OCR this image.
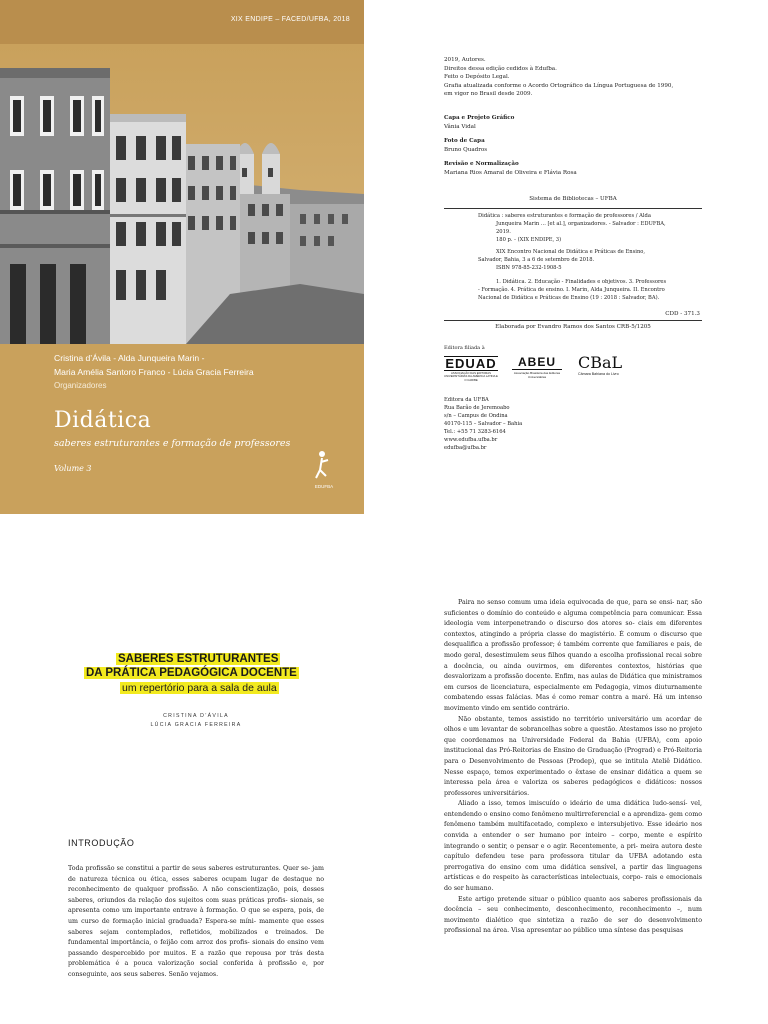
XIX ENDIPE – FACED/UFBA, 2018
Cristina d’Ávila - Alda Junqueira Marin -
Maria Amélia Santoro Franco - Lúcia Gracia Ferreira
Organizadores
Didática
saberes estruturantes e formação de professores
Volume 3
EDUFBA
2019, Autores.
Direitos dessa edição cedidos à Edufba.
Feito o Depósito Legal.
Grafia atualizada conforme o Acordo Ortográfico da Língua Portuguesa de 1990,
em vigor no Brasil desde 2009.
Capa e Projeto Gráfico
Vânia Vidal
Foto de Capa
Bruno Quadros
Revisão e Normalização
Mariana Rios Amaral de Oliveira e Flávia Rosa
Sistema de Bibliotecas – UFBA
Didática : saberes estruturantes e formação de professores / Alda
Junqueira Marin ... [et al.], organizadores. - Salvador : EDUFBA,
2019.
180 p. - (XIX ENDIPE, 3)
XIX Encontro Nacional de Didática e Práticas de Ensino,
Salvador, Bahia, 3 a 6 de setembro de 2018.
ISBN 978-85-232-1908-5
1. Didática. 2. Educação - Finalidades e objetivos. 3. Professores
- Formação. 4. Prática de ensino. I. Marin, Alda Junqueira. II. Encontro
Nacional de Didática e Práticas de Ensino (19 : 2018 : Salvador, BA).
CDD - 371.3
Elaborada por Evandro Ramos dos Santos CRB-5/1205
Editora filiada à
EDUAD
ASSOCIAÇÃO DAS EDITORAS UNIVERSITÁRIAS DA AMÉRICA LATINA E O CARIBE
ABEU
Associação Brasileira das Editoras Universitárias
CBaL
Câmara Bahiana do Livro
Editora da UFBA
Rua Barão de Jeremoabo
s/n – Campus de Ondina
40170-115 – Salvador – Bahia
Tel.: +55 71 3283-6164
www.edufba.ufba.br
edufba@ufba.br
SABERES ESTRUTURANTES
DA PRÁTICA PEDAGÓGICA DOCENTE
um repertório para a sala de aula
CRISTINA D’ÁVILA
LÚCIA GRACIA FERREIRA
INTRODUÇÃO

Toda profissão se constitui a partir de seus saberes estruturantes. Quer se- jam de natureza técnica ou ética, esses saberes ocupam lugar de destaque no reconhecimento de qualquer profissão. A não conscientização, pois, desses saberes, oriundos da relação dos sujeitos com suas práticas profis- sionais, se apresenta como um importante entrave à formação. O que se espera, pois, de um curso de formação inicial graduada? Espera-se míni- mamente que esses saberes sejam contemplados, refletidos, mobilizados e treinados. De fundamental importância, o feijão com arroz dos profis- sionais do ensino vem passando despercebido por muitos. E a razão que repousa por trás desta problemática é a pouca valorização social conferida à profissão e, por conseguinte, aos seus saberes. Senão vejamos.

Paira no senso comum uma ideia equivocada de que, para se ensi- nar, são suficientes o domínio do conteúdo e alguma competência para comunicar. Essa ideologia vem interpenetrando o discurso dos atores so- ciais em diferentes contextos, atingindo a própria classe do magistério. É comum o discurso que desqualifica a profissão professor; é também corrente que familiares e pais, de modo geral, desestimulem seus filhos quando a escolha profissional recai sobre a docência, ou ainda ouvirmos, em diferentes contextos, histórias que desvalorizam a profissão docente. Enfim, nas aulas de Didática que ministramos em cursos de licenciatura, especialmente em Pedagogia, vimos diuturnamente combatendo essas falácias. Mas é como remar contra a maré. Há um intenso movimento vindo em sentido contrário.

Não obstante, temos assistido no território universitário um acordar de olhos e um levantar de sobrancelhas sobre a questão. Atestamos isso no projeto que coordenamos na Universidade Federal da Bahia (UFBA), com apoio institucional das Pró-Reitorias de Ensino de Graduação (Prograd) e Pró-Reitoria para o Desenvolvimento de Pessoas (Prodep), que se intitula Ateliê Didático. Nesse espaço, temos experimentado o êxtase de ensinar didática a quem se interessa pela área e valoriza os saberes pedagógicos e didáticos: nossos professores universitários.

Aliado a isso, temos imiscuído o ideário de uma didática ludo-sensí- vel, entendendo o ensino como fenômeno multirreferencial e a aprendiza- gem como fenômeno também multifacetado, complexo e intersubjetivo. Esse ideário nos convida a entender o ser humano por inteiro – corpo, mente e espírito integrando o sentir, o pensar e o agir. Recentemente, a pri- meira autora deste capítulo defendeu tese para professora titular da UFBA adotando esta prerrogativa do ensino com uma didática sensível, a partir das linguagens artísticas e do respeito às características intelectuais, corpo- rais e emocionais do ser humano.

Este artigo pretende situar o público quanto aos saberes profissionais da docência – seu conhecimento, desconhecimento, reconhecimento –, num movimento dialético que sintetiza a razão de ser do desenvolvimento profissional na área. Visa apresentar ao público uma síntese das pesquisas
